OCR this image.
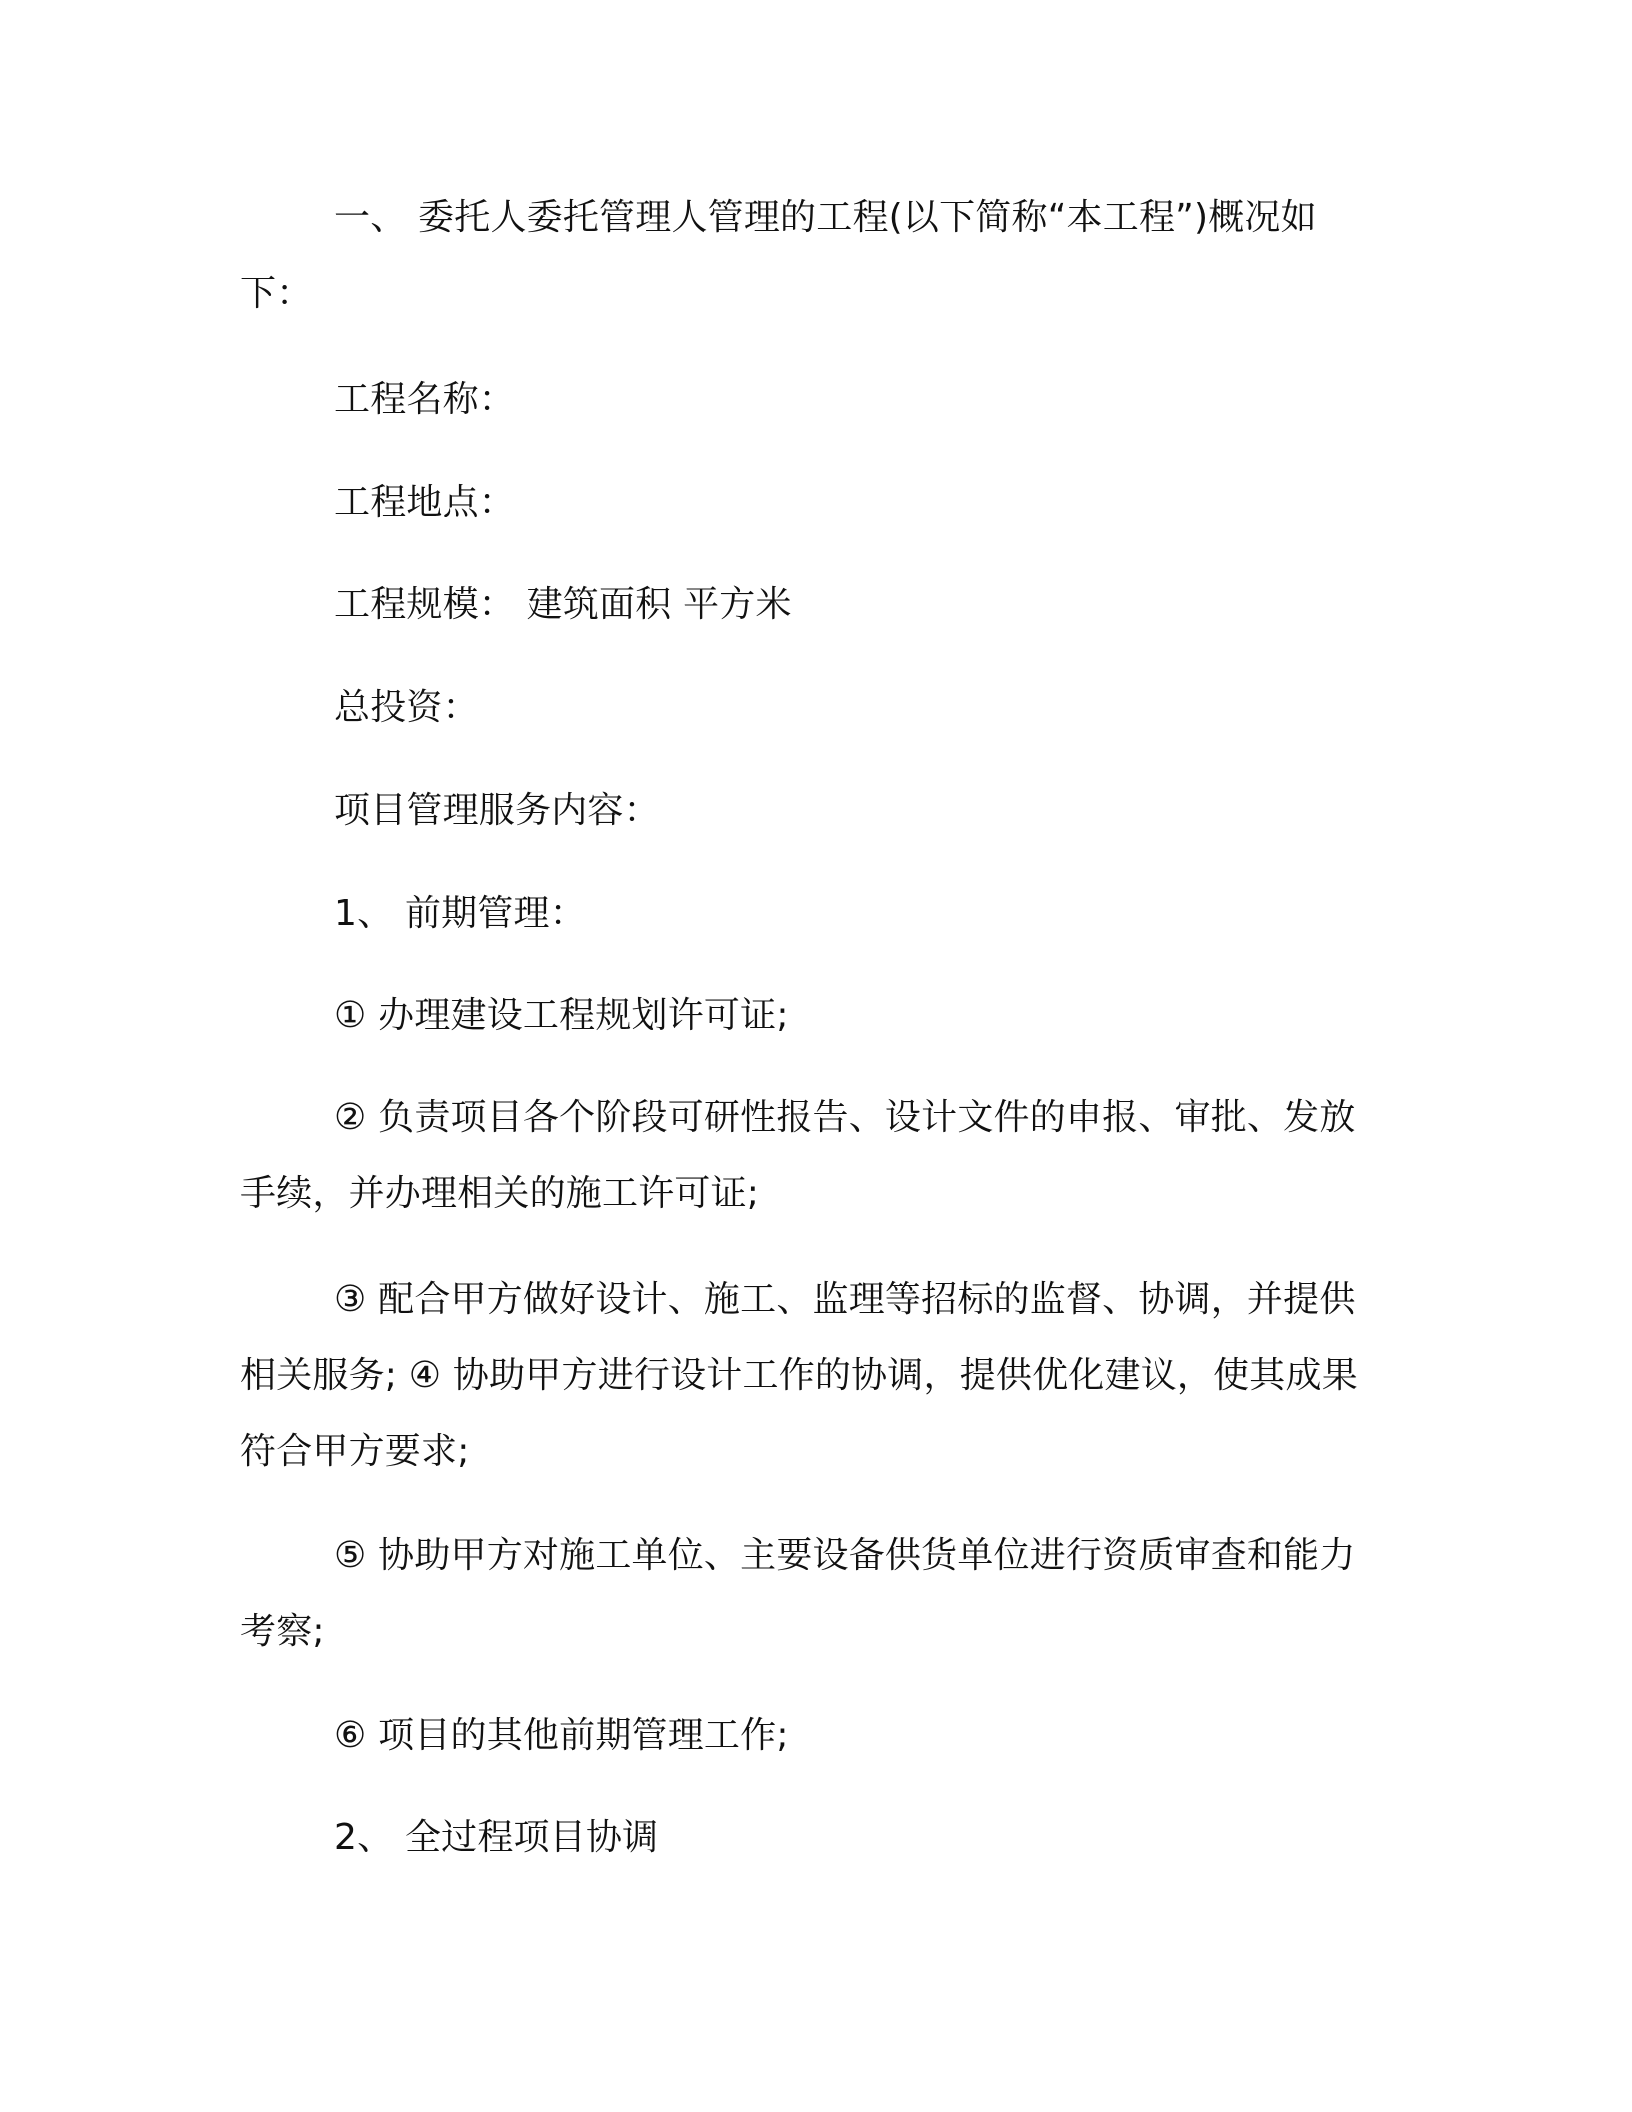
一、 委托人委托管理人管理的工程(以下简称“本工程”)概况如下：

工程名称：

工程地点：

工程规模： 建筑面积 平方米

总投资：

项目管理服务内容：

1、 前期管理：

① 办理建设工程规划许可证;

② 负责项目各个阶段可研性报告、设计文件的申报、审批、发放手续，并办理相关的施工许可证;

③ 配合甲方做好设计、施工、监理等招标的监督、协调，并提供相关服务; ④ 协助甲方进行设计工作的协调，提供优化建议，使其成果符合甲方要求;

⑤ 协助甲方对施工单位、主要设备供货单位进行资质审查和能力考察;

⑥ 项目的其他前期管理工作;

2、 全过程项目协调
